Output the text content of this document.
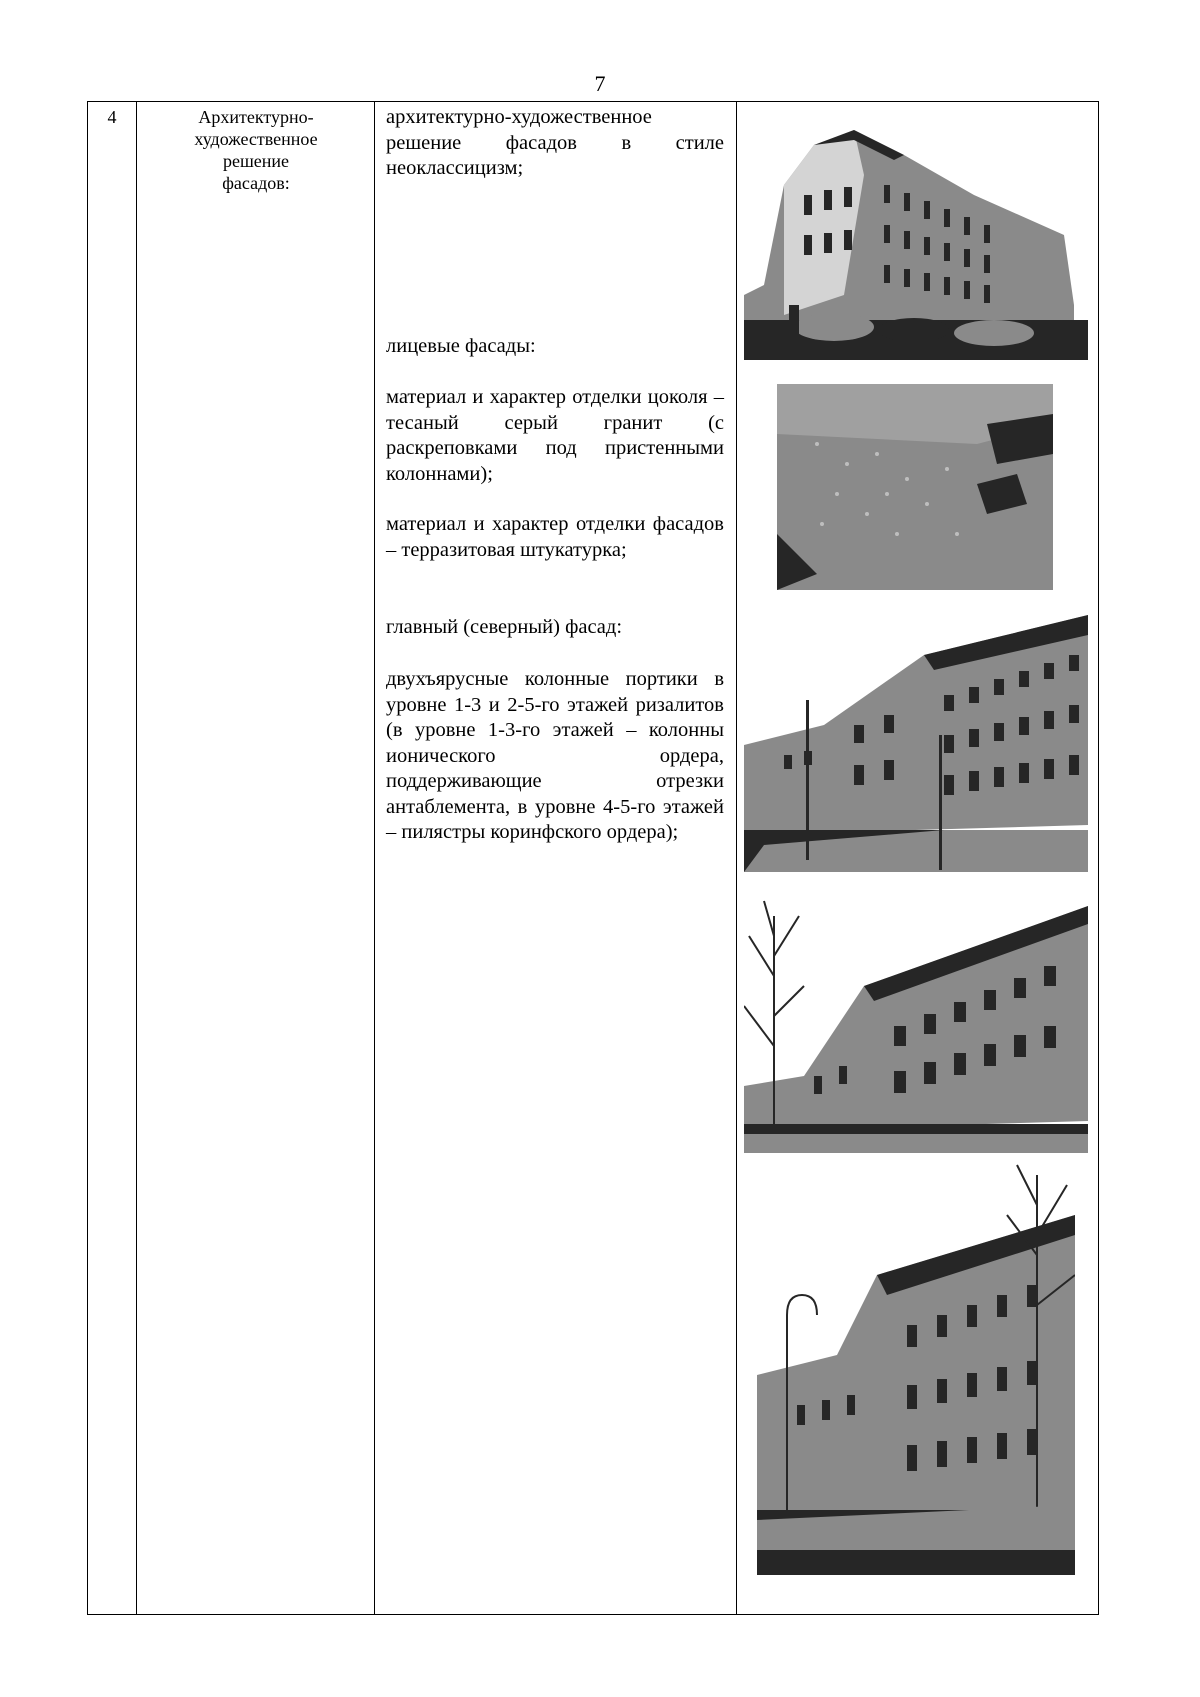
7
4	Архитектурно-
художественное
решение
фасадов:

архитектурно-художественное решение фасадов в стиле неоклассицизм;

лицевые фасады:

материал и характер отделки цоколя – тесаный серый гранит (с раскреповками под пристенными колоннами);

материал и характер отделки фасадов – терразитовая штукатурка;

главный (северный) фасад:

двухъярусные колонные портики в уровне 1-3 и 2-5-го этажей ризалитов (в уровне 1-3-го этажей – колонны ионического ордера, поддерживающие отрезки антаблемента, в уровне 4-5-го этажей – пилястры коринфского ордера);
